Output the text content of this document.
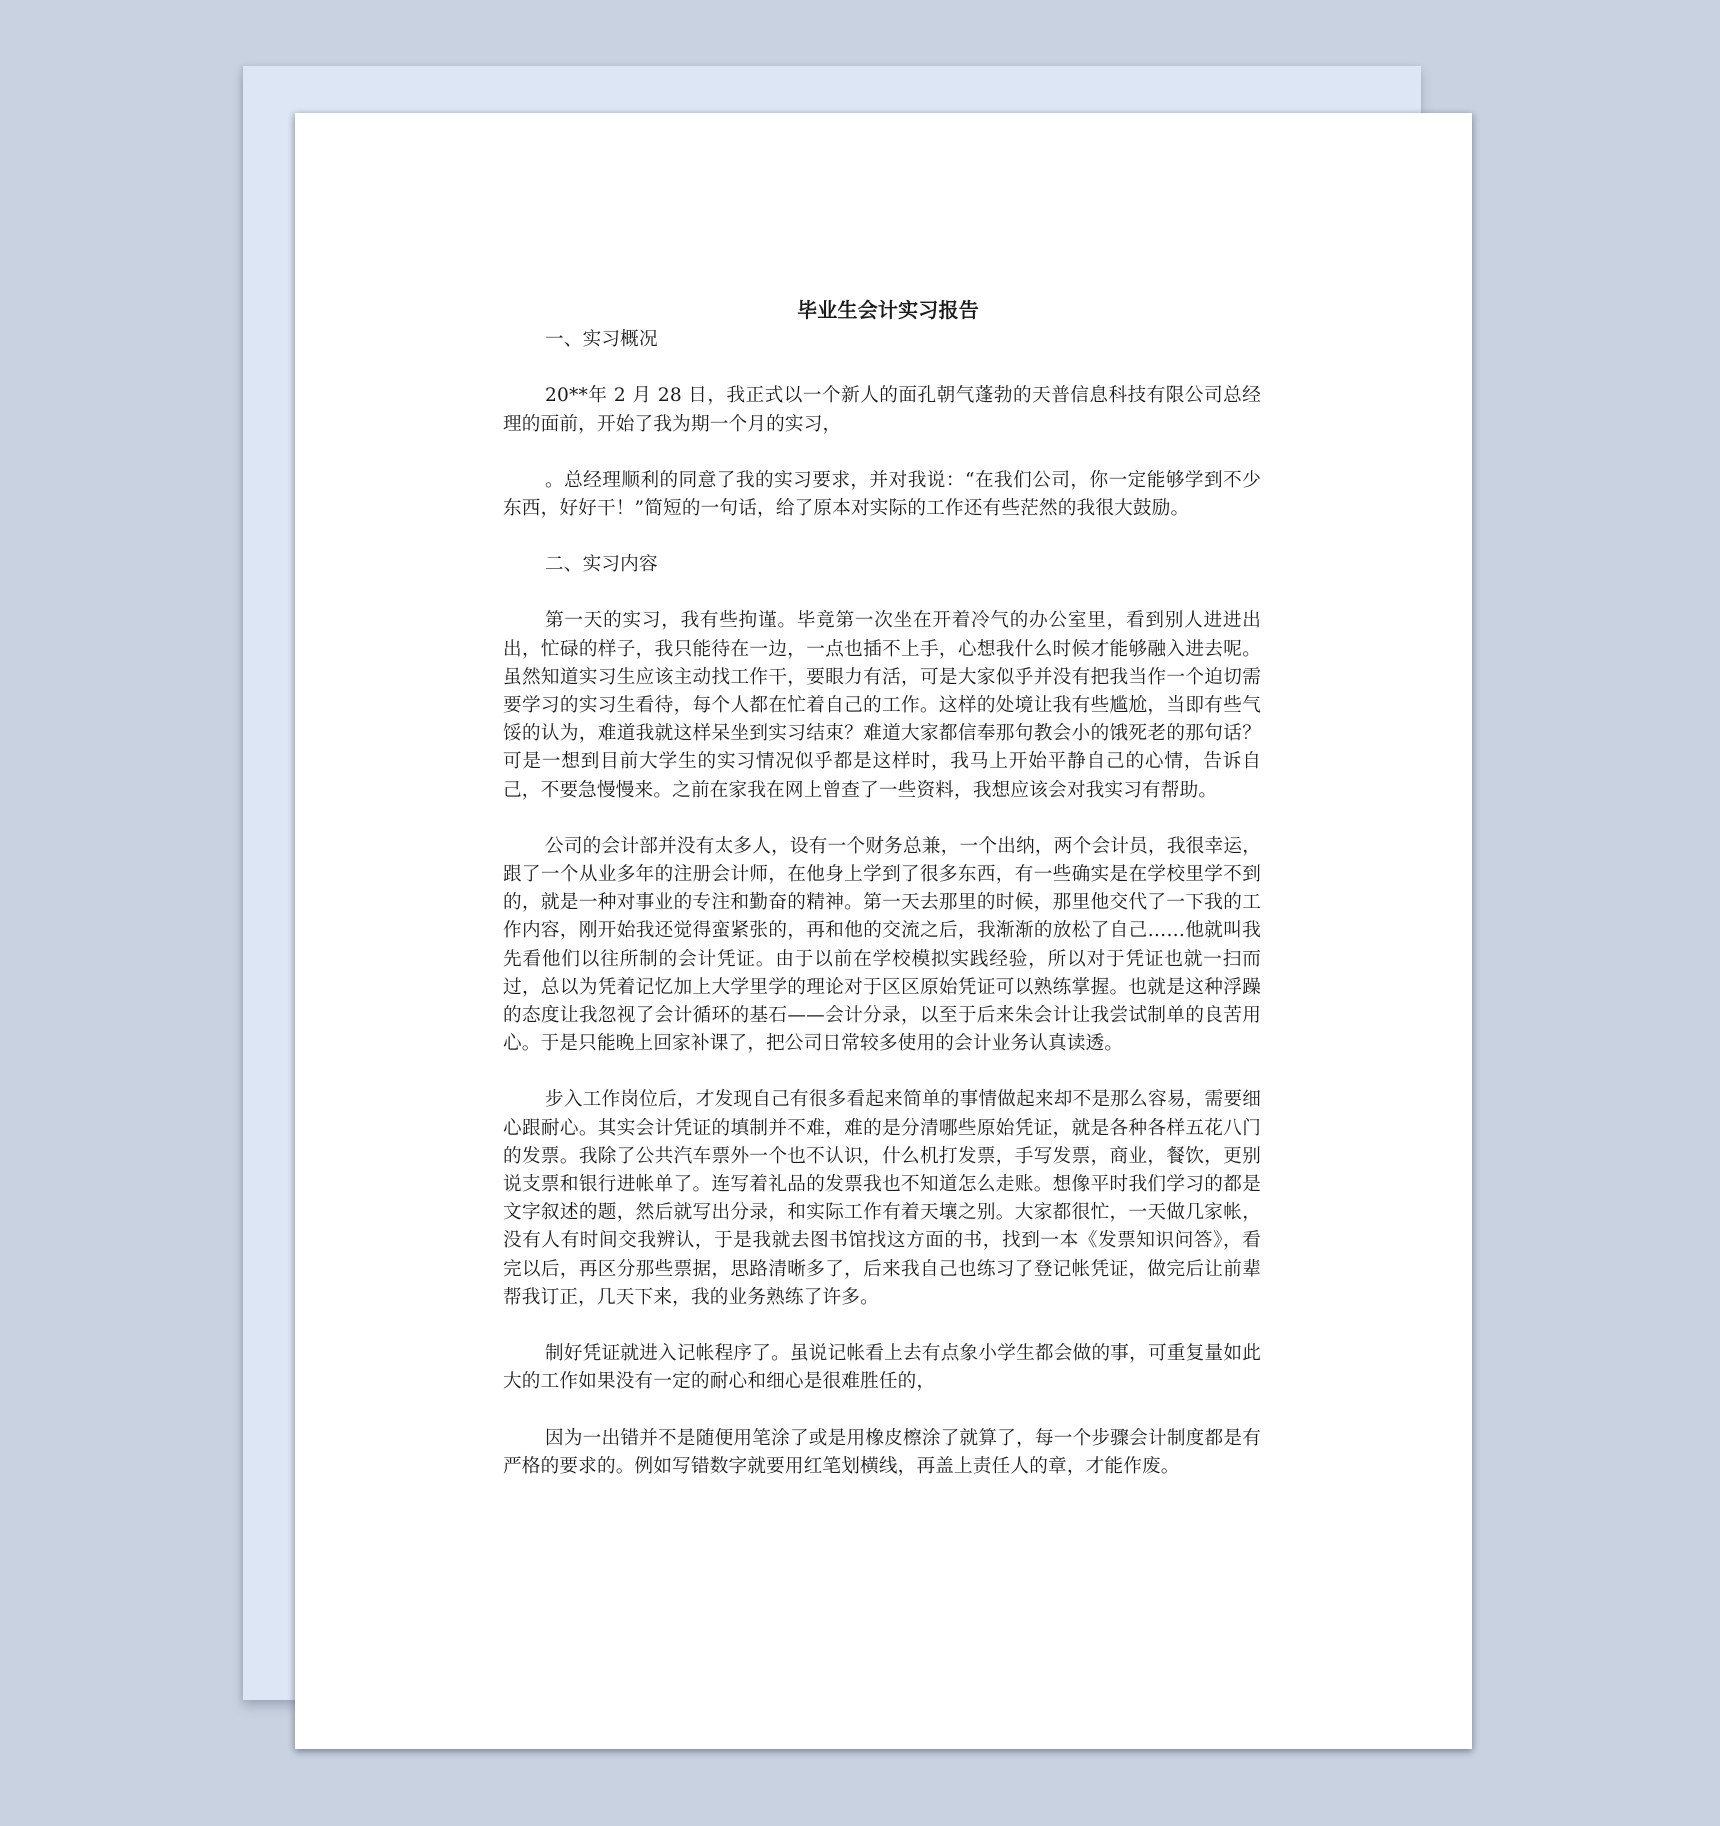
毕业生会计实习报告

一、实习概况

20**年 2 月 28 日，我正式以一个新人的面孔朝气蓬勃的天普信息科技有限公司总经理的面前，开始了我为期一个月的实习，

。总经理顺利的同意了我的实习要求，并对我说：“在我们公司，你一定能够学到不少东西，好好干！”简短的一句话，给了原本对实际的工作还有些茫然的我很大鼓励。

二、实习内容

第一天的实习，我有些拘谨。毕竟第一次坐在开着冷气的办公室里，看到别人进进出出，忙碌的样子，我只能待在一边，一点也插不上手，心想我什么时候才能够融入进去呢。虽然知道实习生应该主动找工作干，要眼力有活，可是大家似乎并没有把我当作一个迫切需要学习的实习生看待，每个人都在忙着自己的工作。这样的处境让我有些尴尬，当即有些气馁的认为，难道我就这样呆坐到实习结束？难道大家都信奉那句教会小的饿死老的那句话？可是一想到目前大学生的实习情况似乎都是这样时，我马上开始平静自己的心情，告诉自己，不要急慢慢来。之前在家我在网上曾查了一些资料，我想应该会对我实习有帮助。

公司的会计部并没有太多人，设有一个财务总兼，一个出纳，两个会计员，我很幸运，跟了一个从业多年的注册会计师，在他身上学到了很多东西，有一些确实是在学校里学不到的，就是一种对事业的专注和勤奋的精神。第一天去那里的时候，那里他交代了一下我的工作内容，刚开始我还觉得蛮紧张的，再和他的交流之后，我渐渐的放松了自己……他就叫我先看他们以往所制的会计凭证。由于以前在学校模拟实践经验，所以对于凭证也就一扫而过，总以为凭着记忆加上大学里学的理论对于区区原始凭证可以熟练掌握。也就是这种浮躁的态度让我忽视了会计循环的基石——会计分录，以至于后来朱会计让我尝试制单的良苦用心。于是只能晚上回家补课了，把公司日常较多使用的会计业务认真读透。

步入工作岗位后，才发现自己有很多看起来简单的事情做起来却不是那么容易，需要细心跟耐心。其实会计凭证的填制并不难，难的是分清哪些原始凭证，就是各种各样五花八门的发票。我除了公共汽车票外一个也不认识，什么机打发票，手写发票，商业，餐饮，更别说支票和银行进帐单了。连写着礼品的发票我也不知道怎么走账。想像平时我们学习的都是文字叙述的题，然后就写出分录，和实际工作有着天壤之别。大家都很忙，一天做几家帐，没有人有时间交我辨认，于是我就去图书馆找这方面的书，找到一本《发票知识问答》，看完以后，再区分那些票据，思路清晰多了，后来我自己也练习了登记帐凭证，做完后让前辈帮我订正，几天下来，我的业务熟练了许多。

制好凭证就进入记帐程序了。虽说记帐看上去有点象小学生都会做的事，可重复量如此大的工作如果没有一定的耐心和细心是很难胜任的，

因为一出错并不是随便用笔涂了或是用橡皮檫涂了就算了，每一个步骤会计制度都是有严格的要求的。例如写错数字就要用红笔划横线，再盖上责任人的章，才能作废。
